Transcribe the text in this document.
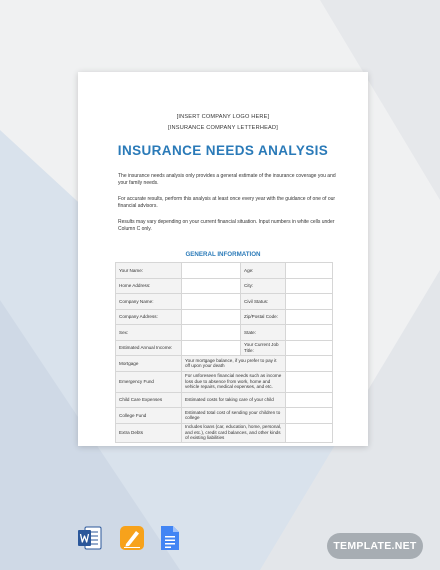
[INSERT COMPANY LOGO HERE]
[INSURANCE COMPANY LETTERHEAD]
INSURANCE NEEDS ANALYSIS
The insurance needs analysis only provides a general estimate of the insurance coverage you and your family needs.
For accurate results, perform this analysis at least once every year with the guidance of one of our financial advisors.
Results may vary depending on your current financial situation. Input numbers in white cells under Column C only.
GENERAL INFORMATION
Your Name:		Age:	
Home Address:		City:	
Company Name:		Civil Status:	
Company Address:		Zip/Postal Code:	
Sex:		State:	
Estimated Annual Income:		Your Current Job Title:	
Mortgage	Your mortgage balance, if you prefer to pay it off upon your death		
Emergency Fund	For unforeseen financial needs such as income loss due to absence from work, home and vehicle repairs, medical expenses, and etc.		
Child Care Expenses	Estimated costs for taking care of your child		
College Fund	Estimated total cost of sending your children to college		
Extra Debts	Includes loans (car, education, home, personal, and etc.), credit card balances, and other kinds of existing liabilities		
TEMPLATE.NET
